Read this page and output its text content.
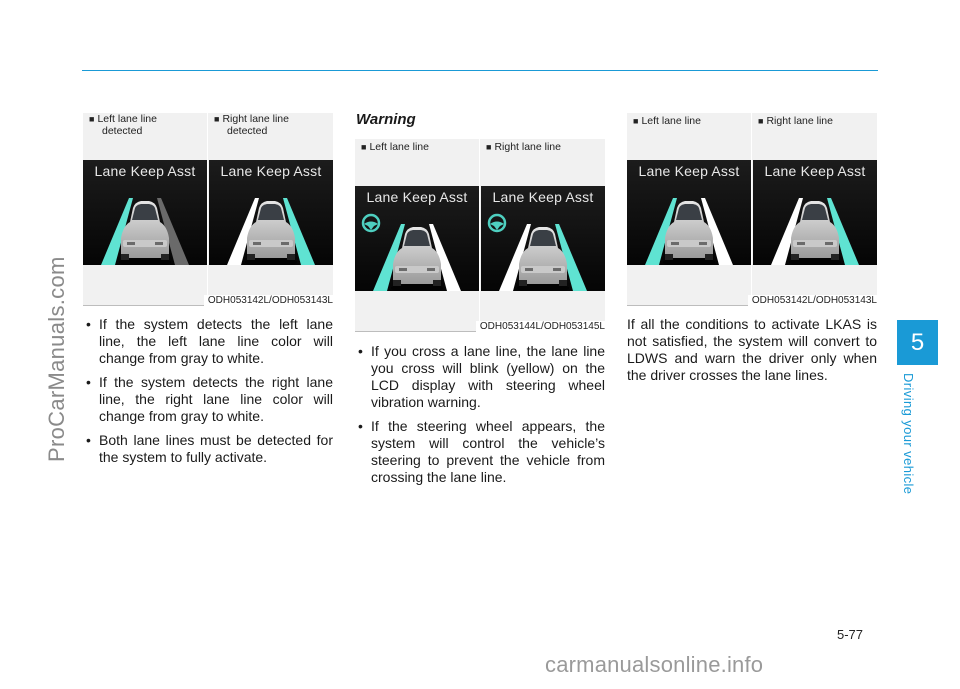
ProCarManuals.com
carmanualsonline.info
5
Driving your vehicle
5-77
■ Left lane line
detected
■ Right lane line
detected
Lane Keep Asst	Lane Keep Asst
ODH053142L/ODH053143L
• If the system detects the left lane line, the left lane line color will change from gray to white.
• If the system detects the right lane line, the right lane line color will change from gray to white.
• Both lane lines must be detected for the system to fully activate.
Warning
■ Left lane line	■ Right lane line
Lane Keep Asst	Lane Keep Asst
ODH053144L/ODH053145L
• If you cross a lane line, the lane line you cross will blink (yellow) on the LCD display with steering wheel vibration warning.
• If the steering wheel appears, the system will control the vehicle’s steering to prevent the vehicle from crossing the lane line.
■ Left lane line	■ Right lane line
Lane Keep Asst	Lane Keep Asst
ODH053142L/ODH053143L

If all the conditions to activate LKAS is not satisfied, the system will convert to LDWS and warn the driver only when the driver crosses the lane lines.
